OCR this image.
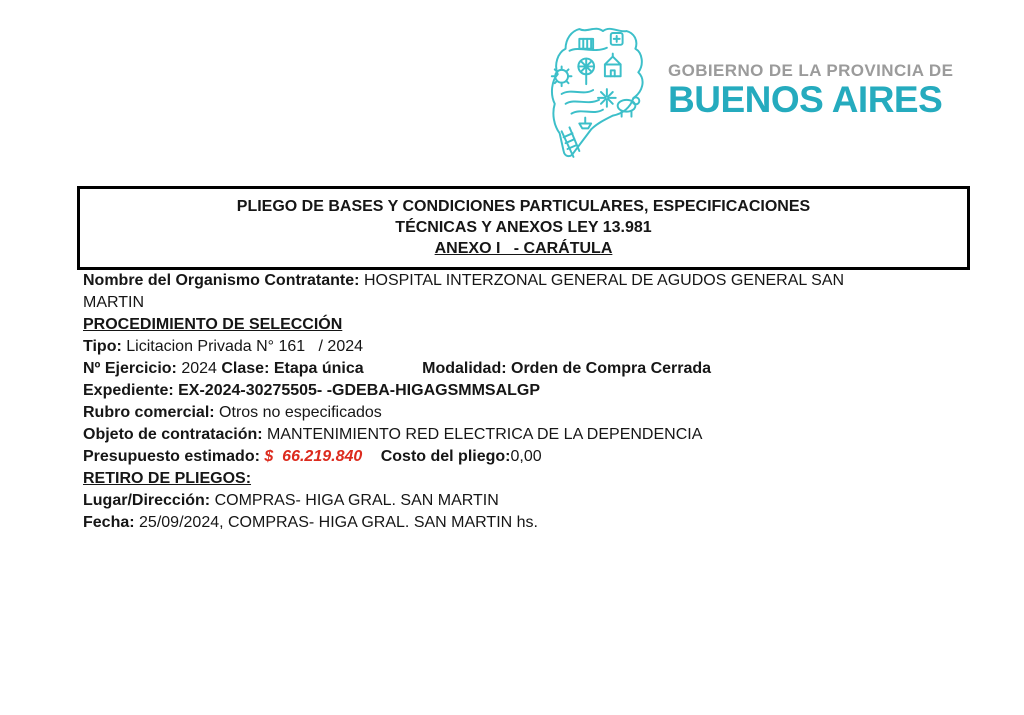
GOBIERNO DE LA PROVINCIA DE
BUENOS AIRES
PLIEGO DE BASES Y CONDICIONES PARTICULARES, ESPECIFICACIONES
TÉCNICAS Y ANEXOS LEY 13.981
ANEXO I   - CARÁTULA

Nombre del Organismo Contratante: HOSPITAL INTERZONAL GENERAL DE AGUDOS GENERAL SAN MARTIN

PROCEDIMIENTO DE SELECCIÓN

Tipo: Licitacion Privada N° 161   / 2024

Nº Ejercicio: 2024 Clase: Etapa única	Modalidad: Orden de Compra Cerrada

Expediente: EX-2024-30275505- -GDEBA-HIGAGSMMSALGP

Rubro comercial: Otros no especificados

Objeto de contratación: MANTENIMIENTO RED ELECTRICA DE LA DEPENDENCIA

Presupuesto estimado: $  66.219.840 Costo del pliego:0,00

RETIRO DE PLIEGOS:

Lugar/Dirección: COMPRAS- HIGA GRAL. SAN MARTIN

Fecha: 25/09/2024, COMPRAS- HIGA GRAL. SAN MARTIN hs.
